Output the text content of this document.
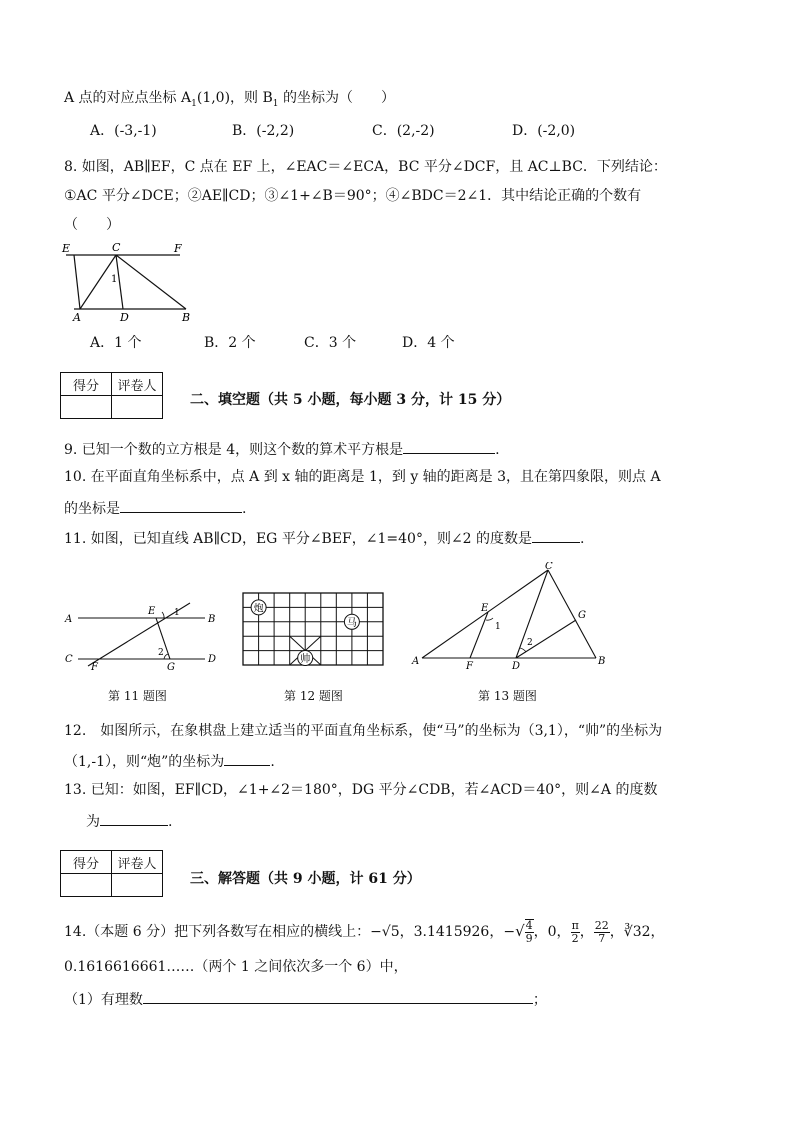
A 点的对应点坐标 $A_1(1,0)$，则 $B_1$ 的坐标为（　　）
A．(-3,-1)	B．(-2,2)	C．(2,-2)	D．(-2,0)
8. 如图，AB∥EF，C 点在 EF 上，∠EAC＝∠ECA，BC 平分∠DCF，且 AC⊥BC．下列结论：
①AC 平分∠DCE；②AE∥CD；③∠1+∠B＝90°；④∠BDC＝2∠1．其中结论正确的个数有
（　　）
E	C	F
1
A	D	B
A．1 个	B．2 个	C．3 个	D．4 个
得分	评卷人

二、填空题（共 5 小题，每小题 3 分，计 15 分）
9. 已知一个数的立方根是 4，则这个数的算术平方根是	.
10. 在平面直角坐标系中，点 A 到 x 轴的距离是 1，到 y 轴的距离是 3，且在第四象限，则点 A
的坐标是	.
11. 如图，已知直线 AB∥CD，EG 平分∠BEF，∠1=40°，则∠2 的度数是	.
A
E 1
B
C
F
2
G
D
炮
马
帅
C
E
1
G
2
A	F	D	B
第 11 题图	第 12 题图	第 13 题图
12.　如图所示，在象棋盘上建立适当的平面直角坐标系，使“马”的坐标为（3,1），“帅”的坐标为
（1,-1），则“炮”的坐标为	.
13. 已知：如图，EF∥CD，∠1+∠2＝180°，DG 平分∠CDB，若∠ACD＝40°，则∠A 的度数
为	.
得分	评卷人

三、解答题（共 9 小题，计 61 分）
14.（本题 6 分）把下列各数写在相应的横线上：−√5，3.1415926，−√ $\frac{4}{9}$ ，0， $\frac{\pi}{2}$ ， $\frac{22}{7}$ ，∛32，
0.1616616661……（两个 1 之间依次多一个 6）中，
（1）有理数	；
